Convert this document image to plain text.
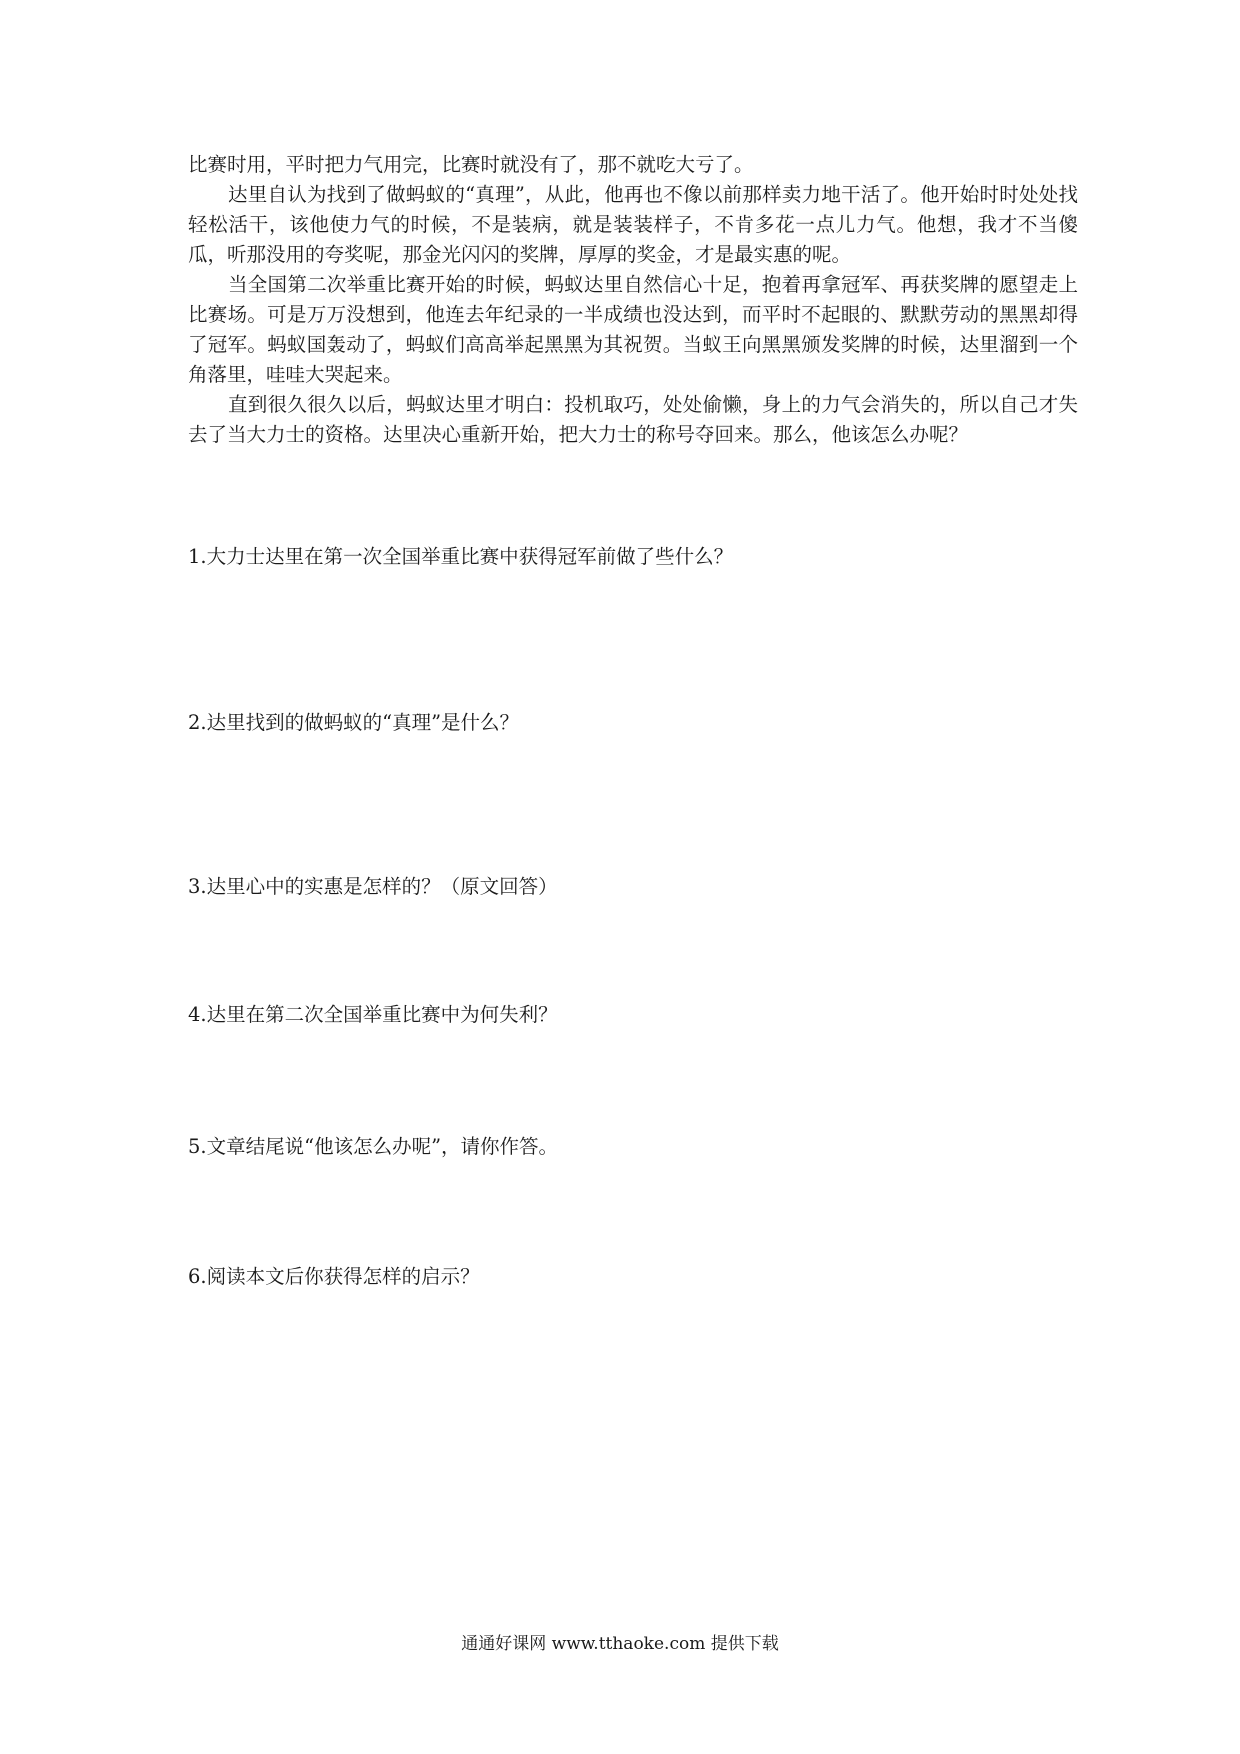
比赛时用，平时把力气用完，比赛时就没有了，那不就吃大亏了。

达里自认为找到了做蚂蚁的“真理”，从此，他再也不像以前那样卖力地干活了。他开始时时处处找轻松活干，该他使力气的时候，不是装病，就是装装样子，不肯多花一点儿力气。他想，我才不当傻瓜，听那没用的夸奖呢，那金光闪闪的奖牌，厚厚的奖金，才是最实惠的呢。

当全国第二次举重比赛开始的时候，蚂蚁达里自然信心十足，抱着再拿冠军、再获奖牌的愿望走上比赛场。可是万万没想到，他连去年纪录的一半成绩也没达到，而平时不起眼的、默默劳动的黑黑却得了冠军。蚂蚁国轰动了，蚂蚁们高高举起黑黑为其祝贺。当蚁王向黑黑颁发奖牌的时候，达里溜到一个角落里，哇哇大哭起来。

直到很久很久以后，蚂蚁达里才明白：投机取巧，处处偷懒，身上的力气会消失的，所以自己才失去了当大力士的资格。达里决心重新开始，把大力士的称号夺回来。那么，他该怎么办呢？

1.大力士达里在第一次全国举重比赛中获得冠军前做了些什么？

2.达里找到的做蚂蚁的“真理”是什么？

3.达里心中的实惠是怎样的？（原文回答）

4.达里在第二次全国举重比赛中为何失利？

5.文章结尾说“他该怎么办呢”，请你作答。

6.阅读本文后你获得怎样的启示？

通通好课网 www.tthaoke.com 提供下载
